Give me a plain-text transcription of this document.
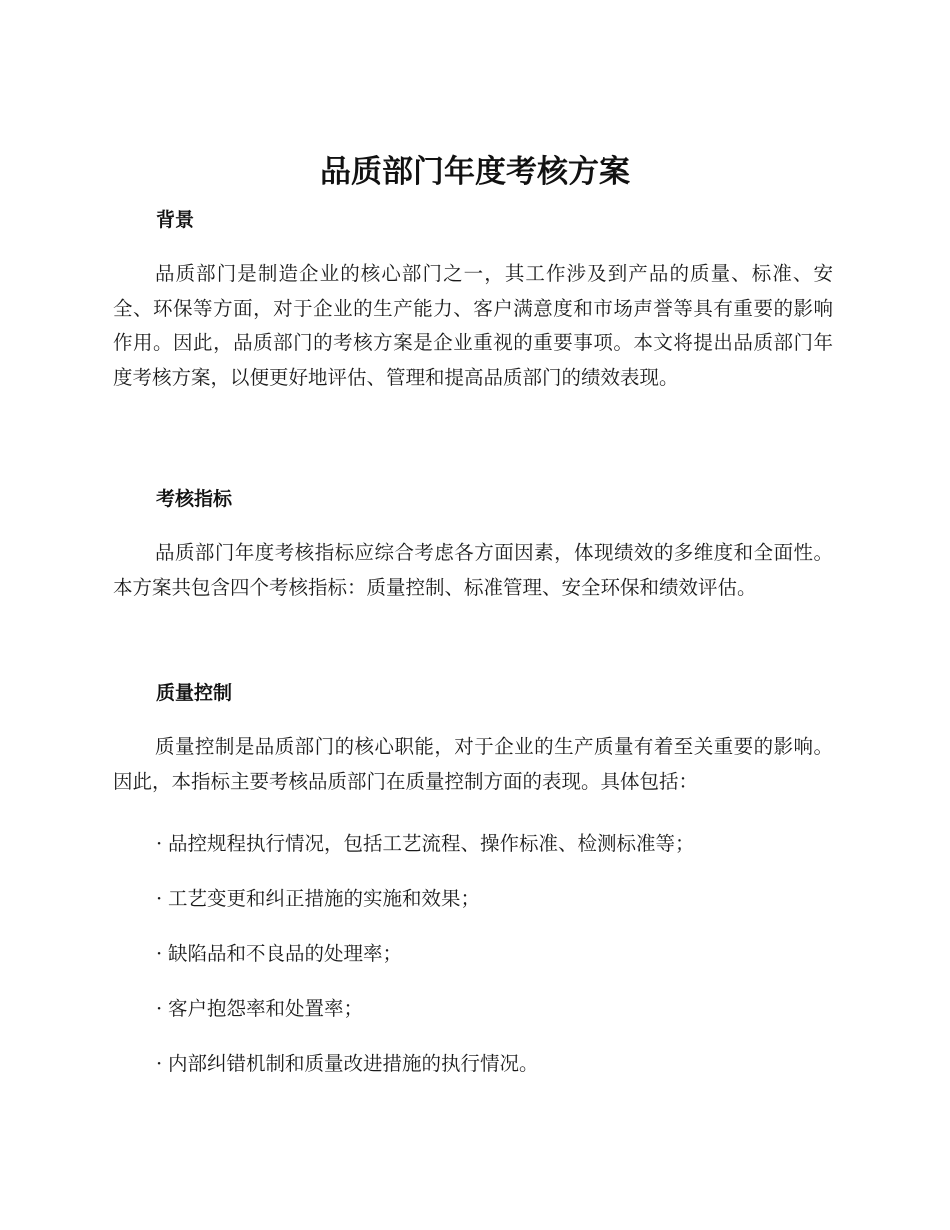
品质部门年度考核方案
背景

品质部门是制造企业的核心部门之一，其工作涉及到产品的质量、标准、安全、环保等方面，对于企业的生产能力、客户满意度和市场声誉等具有重要的影响作用。因此，品质部门的考核方案是企业重视的重要事项。本文将提出品质部门年度考核方案，以便更好地评估、管理和提高品质部门的绩效表现。

考核指标

品质部门年度考核指标应综合考虑各方面因素，体现绩效的多维度和全面性。本方案共包含四个考核指标：质量控制、标准管理、安全环保和绩效评估。

质量控制

质量控制是品质部门的核心职能，对于企业的生产质量有着至关重要的影响。因此，本指标主要考核品质部门在质量控制方面的表现。具体包括：

· 品控规程执行情况，包括工艺流程、操作标准、检测标准等；
· 工艺变更和纠正措施的实施和效果；
· 缺陷品和不良品的处理率；
· 客户抱怨率和处置率；
· 内部纠错机制和质量改进措施的执行情况。
